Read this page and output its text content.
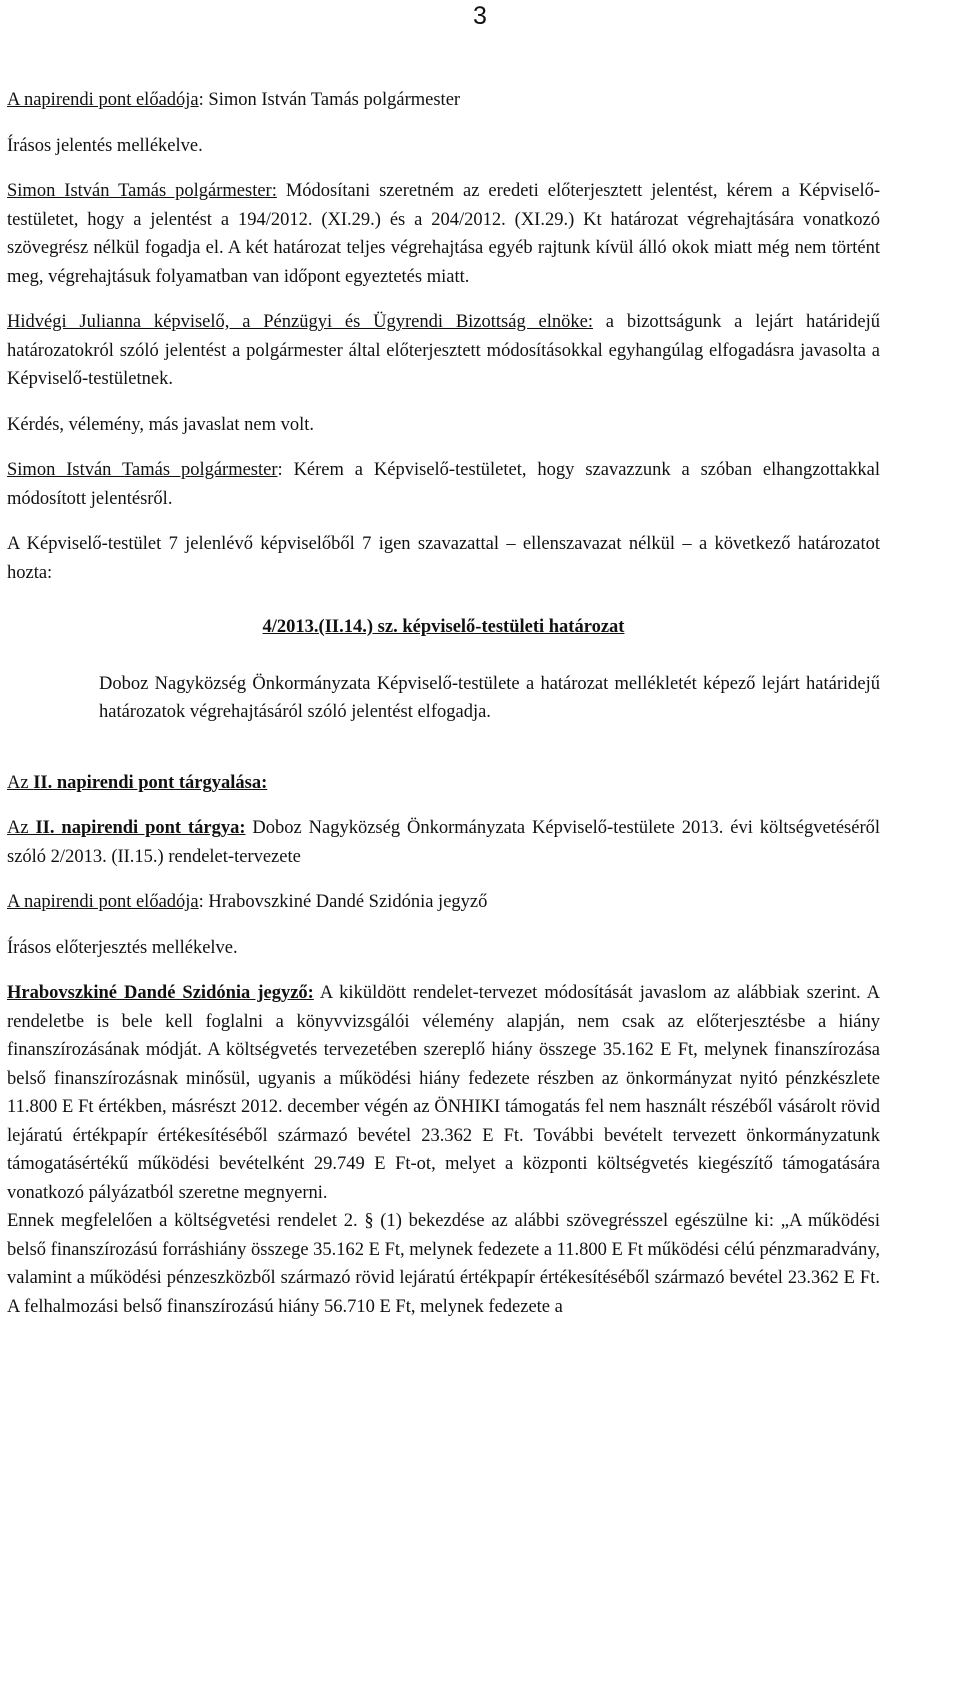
3

A napirendi pont előadója: Simon István Tamás polgármester

Írásos jelentés mellékelve.

Simon István Tamás polgármester: Módosítani szeretném az eredeti előterjesztett jelentést, kérem a Képviselő-testületet, hogy a jelentést a 194/2012. (XI.29.) és a 204/2012. (XI.29.) Kt határozat végrehajtására vonatkozó szövegrész nélkül fogadja el. A két határozat teljes végrehajtása egyéb rajtunk kívül álló okok miatt még nem történt meg, végrehajtásuk folyamatban van időpont egyeztetés miatt.

Hidvégi Julianna képviselő, a Pénzügyi és Ügyrendi Bizottság elnöke: a bizottságunk a lejárt határidejű határozatokról szóló jelentést a polgármester által előterjesztett módosításokkal egyhangúlag elfogadásra javasolta a Képviselő-testületnek.

Kérdés, vélemény, más javaslat nem volt.

Simon István Tamás polgármester: Kérem a Képviselő-testületet, hogy szavazzunk a szóban elhangzottakkal módosított jelentésről.

A Képviselő-testület 7 jelenlévő képviselőből 7 igen szavazattal – ellenszavazat nélkül – a következő határozatot hozta:

4/2013.(II.14.) sz. képviselő-testületi határozat

Doboz Nagyközség Önkormányzata Képviselő-testülete a határozat mellékletét képező lejárt határidejű határozatok végrehajtásáról szóló jelentést elfogadja.

Az II. napirendi pont tárgyalása:

Az II. napirendi pont tárgya: Doboz Nagyközség Önkormányzata Képviselő-testülete 2013. évi költségvetéséről szóló 2/2013. (II.15.) rendelet-tervezete

A napirendi pont előadója: Hrabovszkiné Dandé Szidónia jegyző

Írásos előterjesztés mellékelve.

Hrabovszkiné Dandé Szidónia jegyző: A kiküldött rendelet-tervezet módosítását javaslom az alábbiak szerint. A rendeletbe is bele kell foglalni a könyvvizsgálói vélemény alapján, nem csak az előterjesztésbe a hiány finanszírozásának módját. A költségvetés tervezetében szereplő hiány összege 35.162 E Ft, melynek finanszírozása belső finanszírozásnak minősül, ugyanis a működési hiány fedezete részben az önkormányzat nyitó pénzkészlete 11.800 E Ft értékben, másrészt 2012. december végén az ÖNHIKI támogatás fel nem használt részéből vásárolt rövid lejáratú értékpapír értékesítéséből származó bevétel 23.362 E Ft. További bevételt tervezett önkormányzatunk támogatásértékű működési bevételként 29.749 E Ft-ot, melyet a központi költségvetés kiegészítő támogatására vonatkozó pályázatból szeretne megnyerni.

Ennek megfelelően a költségvetési rendelet 2. § (1) bekezdése az alábbi szövegrésszel egészülne ki: „A működési belső finanszírozású forráshiány összege 35.162 E Ft, melynek fedezete a 11.800 E Ft működési célú pénzmaradvány, valamint a működési pénzeszközből származó rövid lejáratú értékpapír értékesítéséből származó bevétel 23.362 E Ft. A felhalmozási belső finanszírozású hiány 56.710 E Ft, melynek fedezete a
